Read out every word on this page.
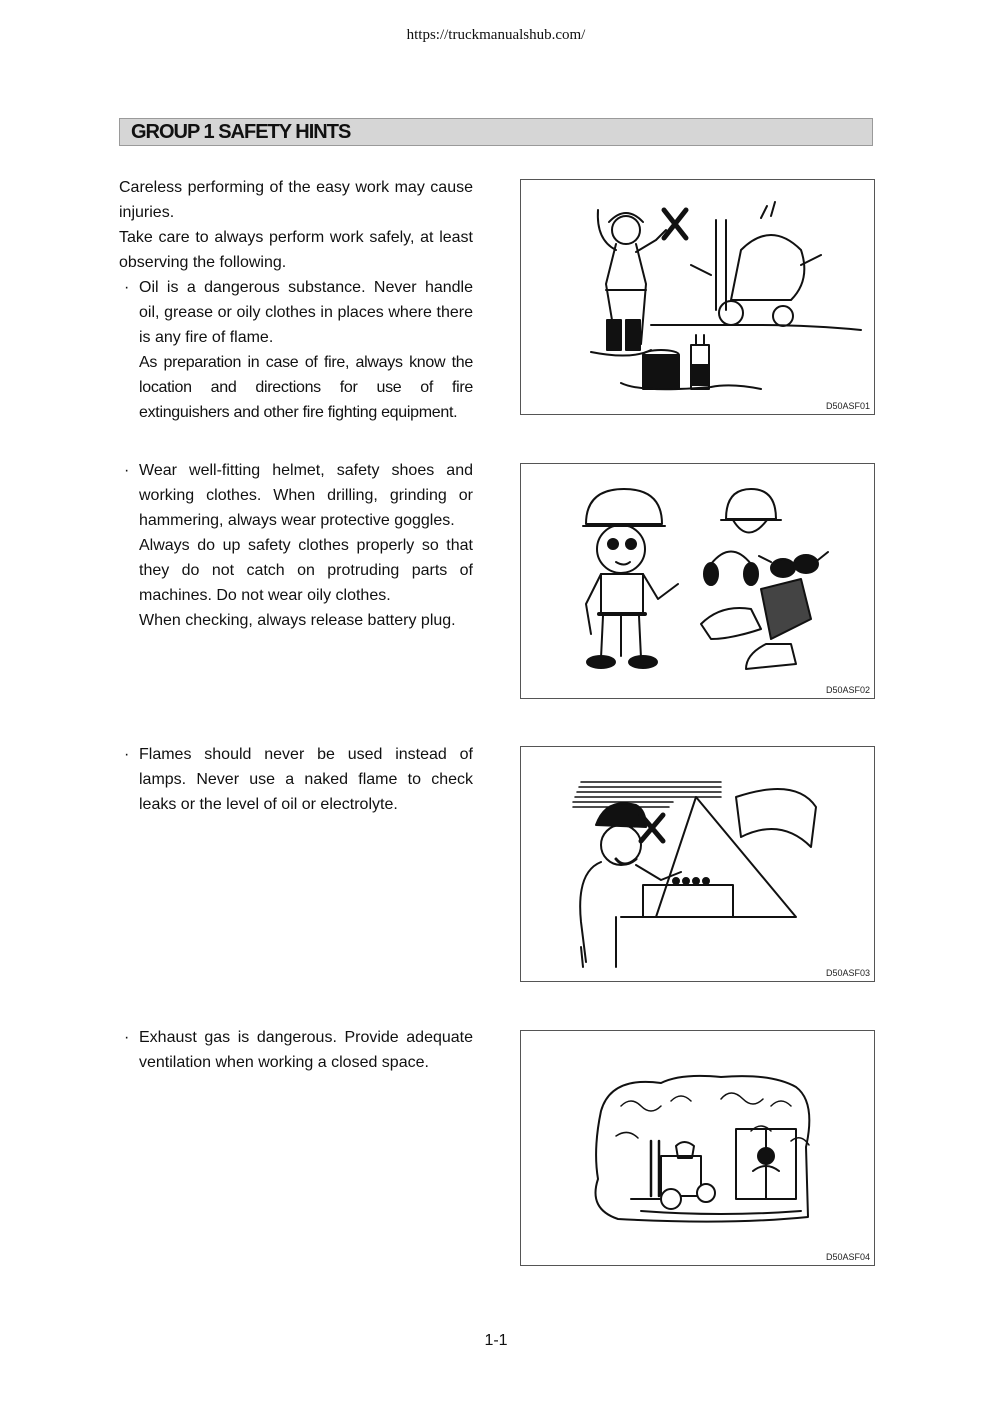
https://truckmanualshub.com/
GROUP 1 SAFETY HINTS

Careless performing of the easy work may cause injuries.

Take care to always perform work safely, at least observing the following.

· Oil is a dangerous substance. Never handle oil, grease or oily clothes in places where there is any fire of flame.

As preparation in case of fire, always know the location and directions for use of fire extinguishers and other fire fighting equipment.

· Wear well-fitting helmet, safety shoes and working clothes. When drilling, grinding or hammering, always wear protective goggles.

Always do up safety clothes properly so that they do not catch on protruding parts of machines. Do not wear oily clothes.

When checking, always release battery plug.

· Flames should never be used instead of lamps. Never use a naked flame to check leaks or the level of oil or electrolyte.

· Exhaust gas is dangerous. Provide adequate ventilation when working a closed space.

D50ASF01
D50ASF02
D50ASF03
D50ASF04
1-1
